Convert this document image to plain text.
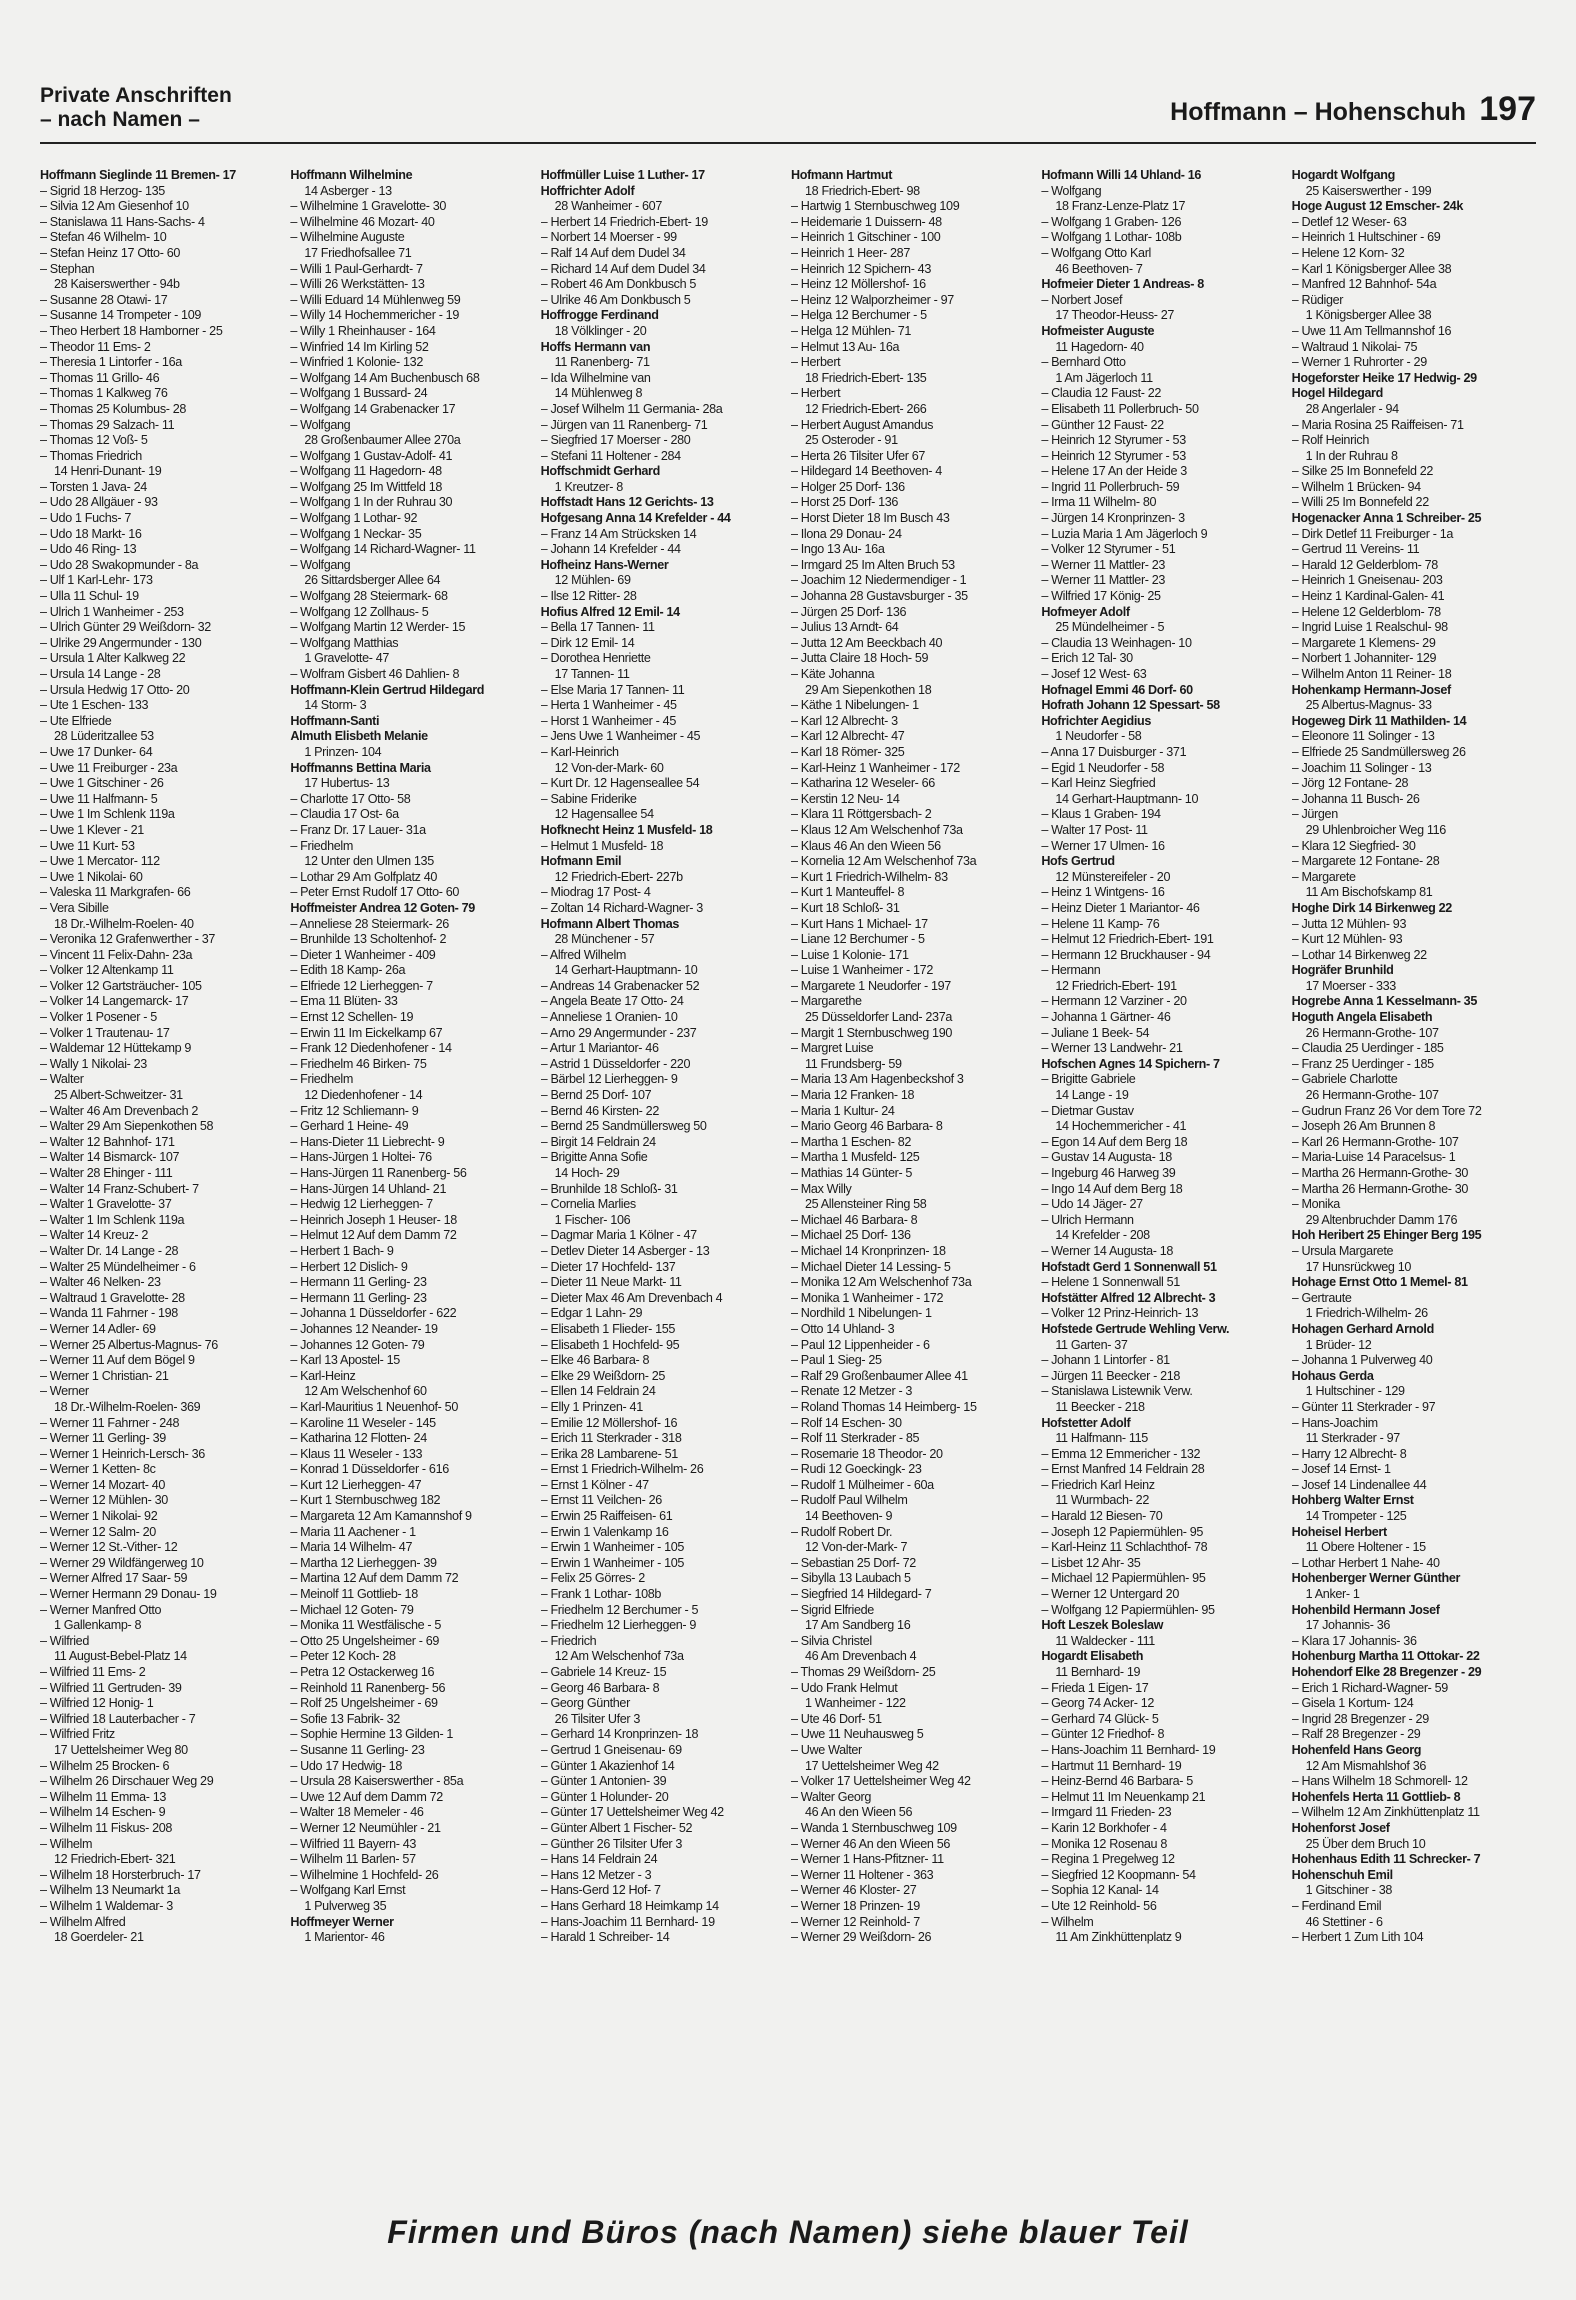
Private Anschriften
– nach Namen –	Hoffmann – Hohenschuh 197
Hoffmann Sieglinde 11 Bremen- 17
– Sigrid 18 Herzog- 135
– Silvia 12 Am Giesenhof 10
– Stanislawa 11 Hans-Sachs- 4
– Stefan 46 Wilhelm- 10
– Stefan Heinz 17 Otto- 60
– Stephan
28 Kaiserswerther - 94b
– Susanne 28 Otawi- 17
– Susanne 14 Trompeter - 109
– Theo Herbert 18 Hamborner - 25
– Theodor 11 Ems- 2
– Theresia 1 Lintorfer - 16a
– Thomas 11 Grillo- 46
– Thomas 1 Kalkweg 76
– Thomas 25 Kolumbus- 28
– Thomas 29 Salzach- 11
– Thomas 12 Voß- 5
– Thomas Friedrich
14 Henri-Dunant- 19
– Torsten 1 Java- 24
– Udo 28 Allgäuer - 93
– Udo 1 Fuchs- 7
– Udo 18 Markt- 16
– Udo 46 Ring- 13
– Udo 28 Swakopmunder - 8a
– Ulf 1 Karl-Lehr- 173
– Ulla 11 Schul- 19
– Ulrich 1 Wanheimer - 253
– Ulrich Günter 29 Weißdorn- 32
– Ulrike 29 Angermunder - 130
– Ursula 1 Alter Kalkweg 22
– Ursula 14 Lange - 28
– Ursula Hedwig 17 Otto- 20
– Ute 1 Eschen- 133
– Ute Elfriede
28 Lüderitzallee 53
– Uwe 17 Dunker- 64
– Uwe 11 Freiburger - 23a
– Uwe 1 Gitschiner - 26
– Uwe 11 Halfmann- 5
– Uwe 1 Im Schlenk 119a
– Uwe 1 Klever - 21
– Uwe 11 Kurt- 53
– Uwe 1 Mercator- 112
– Uwe 1 Nikolai- 60
– Valeska 11 Markgrafen- 66
– Vera Sibille
18 Dr.-Wilhelm-Roelen- 40
– Veronika 12 Grafenwerther - 37
– Vincent 11 Felix-Dahn- 23a
– Volker 12 Altenkamp 11
– Volker 12 Gartsträucher- 105
– Volker 14 Langemarck- 17
– Volker 1 Posener - 5
– Volker 1 Trautenau- 17
– Waldemar 12 Hüttekamp 9
– Wally 1 Nikolai- 23
– Walter
25 Albert-Schweitzer- 31
– Walter 46 Am Drevenbach 2
– Walter 29 Am Siepenkothen 58
– Walter 12 Bahnhof- 171
– Walter 14 Bismarck- 107
– Walter 28 Ehinger - 111
– Walter 14 Franz-Schubert- 7
– Walter 1 Gravelotte- 37
– Walter 1 Im Schlenk 119a
– Walter 14 Kreuz- 2
– Walter Dr. 14 Lange - 28
– Walter 25 Mündelheimer - 6
– Walter 46 Nelken- 23
– Waltraud 1 Gravelotte- 28
– Wanda 11 Fahrner - 198
– Werner 14 Adler- 69
– Werner 25 Albertus-Magnus- 76
– Werner 11 Auf dem Bögel 9
– Werner 1 Christian- 21
– Werner
18 Dr.-Wilhelm-Roelen- 369
– Werner 11 Fahrner - 248
– Werner 11 Gerling- 39
– Werner 1 Heinrich-Lersch- 36
– Werner 1 Ketten- 8c
– Werner 14 Mozart- 40
– Werner 12 Mühlen- 30
– Werner 1 Nikolai- 92
– Werner 12 Salm- 20
– Werner 12 St.-Vither- 12
– Werner 29 Wildfängerweg 10
– Werner Alfred 17 Saar- 59
– Werner Hermann 29 Donau- 19
– Werner Manfred Otto
1 Gallenkamp- 8
– Wilfried
11 August-Bebel-Platz 14
– Wilfried 11 Ems- 2
– Wilfried 11 Gertruden- 39
– Wilfried 12 Honig- 1
– Wilfried 18 Lauterbacher - 7
– Wilfried Fritz
17 Uettelsheimer Weg 80
– Wilhelm 25 Brocken- 6
– Wilhelm 26 Dirschauer Weg 29
– Wilhelm 11 Emma- 13
– Wilhelm 14 Eschen- 9
– Wilhelm 11 Fiskus- 208
– Wilhelm
12 Friedrich-Ebert- 321
– Wilhelm 18 Horsterbruch- 17
– Wilhelm 13 Neumarkt 1a
– Wilhelm 1 Waldemar- 3
– Wilhelm Alfred
18 Goerdeler- 21
Hoffmann Wilhelmine
14 Asberger - 13
– Wilhelmine 1 Gravelotte- 30
– Wilhelmine 46 Mozart- 40
– Wilhelmine Auguste
17 Friedhofsallee 71
– Willi 1 Paul-Gerhardt- 7
– Willi 26 Werkstätten- 13
– Willi Eduard 14 Mühlenweg 59
– Willy 14 Hochemmericher - 19
– Willy 1 Rheinhauser - 164
– Winfried 14 Im Kirling 52
– Winfried 1 Kolonie- 132
– Wolfgang 14 Am Buchenbusch 68
– Wolfgang 1 Bussard- 24
– Wolfgang 14 Grabenacker 17
– Wolfgang
28 Großenbaumer Allee 270a
– Wolfgang 1 Gustav-Adolf- 41
– Wolfgang 11 Hagedorn- 48
– Wolfgang 25 Im Wittfeld 18
– Wolfgang 1 In der Ruhrau 30
– Wolfgang 1 Lothar- 92
– Wolfgang 1 Neckar- 35
– Wolfgang 14 Richard-Wagner- 11
– Wolfgang
26 Sittardsberger Allee 64
– Wolfgang 28 Steiermark- 68
– Wolfgang 12 Zollhaus- 5
– Wolfgang Martin 12 Werder- 15
– Wolfgang Matthias
1 Gravelotte- 47
– Wolfram Gisbert 46 Dahlien- 8
Hoffmann-Klein Gertrud Hildegard
14 Storm- 3
Hoffmann-Santi
Almuth Elisbeth Melanie
1 Prinzen- 104
Hoffmanns Bettina Maria
17 Hubertus- 13
– Charlotte 17 Otto- 58
– Claudia 17 Ost- 6a
– Franz Dr. 17 Lauer- 31a
– Friedhelm
12 Unter den Ulmen 135
– Lothar 29 Am Golfplatz 40
– Peter Ernst Rudolf 17 Otto- 60
Hoffmeister Andrea 12 Goten- 79
– Anneliese 28 Steiermark- 26
– Brunhilde 13 Scholtenhof- 2
– Dieter 1 Wanheimer - 409
– Edith 18 Kamp- 26a
– Elfriede 12 Lierheggen- 7
– Ema 11 Blüten- 33
– Ernst 12 Schellen- 19
– Erwin 11 Im Eickelkamp 67
– Frank 12 Diedenhofener - 14
– Friedhelm 46 Birken- 75
– Friedhelm
12 Diedenhofener - 14
– Fritz 12 Schliemann- 9
– Gerhard 1 Heine- 49
– Hans-Dieter 11 Liebrecht- 9
– Hans-Jürgen 1 Holtei- 76
– Hans-Jürgen 11 Ranenberg- 56
– Hans-Jürgen 14 Uhland- 21
– Hedwig 12 Lierheggen- 7
– Heinrich Joseph 1 Heuser- 18
– Helmut 12 Auf dem Damm 72
– Herbert 1 Bach- 9
– Herbert 12 Dislich- 9
– Hermann 11 Gerling- 23
– Hermann 11 Gerling- 23
– Johanna 1 Düsseldorfer - 622
– Johannes 12 Neander- 19
– Johannes 12 Goten- 79
– Karl 13 Apostel- 15
– Karl-Heinz
12 Am Welschenhof 60
– Karl-Mauritius 1 Neuenhof- 50
– Karoline 11 Weseler - 145
– Katharina 12 Flotten- 24
– Klaus 11 Weseler - 133
– Konrad 1 Düsseldorfer - 616
– Kurt 12 Lierheggen- 47
– Kurt 1 Sternbuschweg 182
– Margareta 12 Am Kamannshof 9
– Maria 11 Aachener - 1
– Maria 14 Wilhelm- 47
– Martha 12 Lierheggen- 39
– Martina 12 Auf dem Damm 72
– Meinolf 11 Gottlieb- 18
– Michael 12 Goten- 79
– Monika 11 Westfälische - 5
– Otto 25 Ungelsheimer - 69
– Peter 12 Koch- 28
– Petra 12 Ostackerweg 16
– Reinhold 11 Ranenberg- 56
– Rolf 25 Ungelsheimer - 69
– Sofie 13 Fabrik- 32
– Sophie Hermine 13 Gilden- 1
– Susanne 11 Gerling- 23
– Udo 17 Hedwig- 18
– Ursula 28 Kaiserswerther - 85a
– Uwe 12 Auf dem Damm 72
– Walter 18 Memeler - 46
– Werner 12 Neumühler - 21
– Wilfried 11 Bayern- 43
– Wilhelm 11 Barlen- 57
– Wilhelmine 1 Hochfeld- 26
– Wolfgang Karl Ernst
1 Pulverweg 35
Hoffmeyer Werner
1 Marientor- 46
Hoffmüller Luise 1 Luther- 17
Hoffrichter Adolf
28 Wanheimer - 607
– Herbert 14 Friedrich-Ebert- 19
– Norbert 14 Moerser - 99
– Ralf 14 Auf dem Dudel 34
– Richard 14 Auf dem Dudel 34
– Robert 46 Am Donkbusch 5
– Ulrike 46 Am Donkbusch 5
Hoffrogge Ferdinand
18 Völklinger - 20
Hoffs Hermann van
11 Ranenberg- 71
– Ida Wilhelmine van
14 Mühlenweg 8
– Josef Wilhelm 11 Germania- 28a
– Jürgen van 11 Ranenberg- 71
– Siegfried 17 Moerser - 280
– Stefani 11 Holtener - 284
Hoffschmidt Gerhard
1 Kreutzer- 8
Hoffstadt Hans 12 Gerichts- 13
Hofgesang Anna 14 Krefelder - 44
– Franz 14 Am Strücksken 14
– Johann 14 Krefelder - 44
Hofheinz Hans-Werner
12 Mühlen- 69
– Ilse 12 Ritter- 28
Hofius Alfred 12 Emil- 14
– Bella 17 Tannen- 11
– Dirk 12 Emil- 14
– Dorothea Henriette
17 Tannen- 11
– Else Maria 17 Tannen- 11
– Herta 1 Wanheimer - 45
– Horst 1 Wanheimer - 45
– Jens Uwe 1 Wanheimer - 45
– Karl-Heinrich
12 Von-der-Mark- 60
– Kurt Dr. 12 Hagenseallee 54
– Sabine Friderike
12 Hagensallee 54
Hofknecht Heinz 1 Musfeld- 18
– Helmut 1 Musfeld- 18
Hofmann Emil
12 Friedrich-Ebert- 227b
– Miodrag 17 Post- 4
– Zoltan 14 Richard-Wagner- 3
Hofmann Albert Thomas
28 Münchener - 57
– Alfred Wilhelm
14 Gerhart-Hauptmann- 10
– Andreas 14 Grabenacker 52
– Angela Beate 17 Otto- 24
– Anneliese 1 Oranien- 10
– Arno 29 Angermunder - 237
– Artur 1 Mariantor- 46
– Astrid 1 Düsseldorfer - 220
– Bärbel 12 Lierheggen- 9
– Bernd 25 Dorf- 107
– Bernd 46 Kirsten- 22
– Bernd 25 Sandmüllersweg 50
– Birgit 14 Feldrain 24
– Brigitte Anna Sofie
14 Hoch- 29
– Brunhilde 18 Schloß- 31
– Cornelia Marlies
1 Fischer- 106
– Dagmar Maria 1 Kölner - 47
– Detlev Dieter 14 Asberger - 13
– Dieter 17 Hochfeld- 137
– Dieter 11 Neue Markt- 11
– Dieter Max 46 Am Drevenbach 4
– Edgar 1 Lahn- 29
– Elisabeth 1 Flieder- 155
– Elisabeth 1 Hochfeld- 95
– Elke 46 Barbara- 8
– Elke 29 Weißdorn- 25
– Ellen 14 Feldrain 24
– Elly 1 Prinzen- 41
– Emilie 12 Möllershof- 16
– Erich 11 Sterkrader - 318
– Erika 28 Lambarene- 51
– Ernst 1 Friedrich-Wilhelm- 26
– Ernst 1 Kölner - 47
– Ernst 11 Veilchen- 26
– Erwin 25 Raiffeisen- 61
– Erwin 1 Valenkamp 16
– Erwin 1 Wanheimer - 105
– Erwin 1 Wanheimer - 105
– Felix 25 Görres- 2
– Frank 1 Lothar- 108b
– Friedhelm 12 Berchumer - 5
– Friedhelm 12 Lierheggen- 9
– Friedrich
12 Am Welschenhof 73a
– Gabriele 14 Kreuz- 15
– Georg 46 Barbara- 8
– Georg Günther
26 Tilsiter Ufer 3
– Gerhard 14 Kronprinzen- 18
– Gertrud 1 Gneisenau- 69
– Günter 1 Akazienhof 14
– Günter 1 Antonien- 39
– Günter 1 Holunder- 20
– Günter 17 Uettelsheimer Weg 42
– Günter Albert 1 Fischer- 52
– Günther 26 Tilsiter Ufer 3
– Hans 14 Feldrain 24
– Hans 12 Metzer - 3
– Hans-Gerd 12 Hof- 7
– Hans Gerhard 18 Heimkamp 14
– Hans-Joachim 11 Bernhard- 19
– Harald 1 Schreiber- 14
Hofmann Hartmut
18 Friedrich-Ebert- 98
– Hartwig 1 Sternbuschweg 109
– Heidemarie 1 Duissern- 48
– Heinrich 1 Gitschiner - 100
– Heinrich 1 Heer- 287
– Heinrich 12 Spichern- 43
– Heinz 12 Möllershof- 16
– Heinz 12 Walporzheimer - 97
– Helga 12 Berchumer - 5
– Helga 12 Mühlen- 71
– Helmut 13 Au- 16a
– Herbert
18 Friedrich-Ebert- 135
– Herbert
12 Friedrich-Ebert- 266
– Herbert August Amandus
25 Osteroder - 91
– Herta 26 Tilsiter Ufer 67
– Hildegard 14 Beethoven- 4
– Holger 25 Dorf- 136
– Horst 25 Dorf- 136
– Horst Dieter 18 Im Busch 43
– Ilona 29 Donau- 24
– Ingo 13 Au- 16a
– Irmgard 25 Im Alten Bruch 53
– Joachim 12 Niedermendiger - 1
– Johanna 28 Gustavsburger - 35
– Jürgen 25 Dorf- 136
– Julius 13 Arndt- 64
– Jutta 12 Am Beeckbach 40
– Jutta Claire 18 Hoch- 59
– Käte Johanna
29 Am Siepenkothen 18
– Käthe 1 Nibelungen- 1
– Karl 12 Albrecht- 3
– Karl 12 Albrecht- 47
– Karl 18 Römer- 325
– Karl-Heinz 1 Wanheimer - 172
– Katharina 12 Weseler- 66
– Kerstin 12 Neu- 14
– Klara 11 Röttgersbach- 2
– Klaus 12 Am Welschenhof 73a
– Klaus 46 An den Wieen 56
– Kornelia 12 Am Welschenhof 73a
– Kurt 1 Friedrich-Wilhelm- 83
– Kurt 1 Manteuffel- 8
– Kurt 18 Schloß- 31
– Kurt Hans 1 Michael- 17
– Liane 12 Berchumer - 5
– Luise 1 Kolonie- 171
– Luise 1 Wanheimer - 172
– Margarete 1 Neudorfer - 197
– Margarethe
25 Düsseldorfer Land- 237a
– Margit 1 Sternbuschweg 190
– Margret Luise
11 Frundsberg- 59
– Maria 13 Am Hagenbeckshof 3
– Maria 12 Franken- 18
– Maria 1 Kultur- 24
– Mario Georg 46 Barbara- 8
– Martha 1 Eschen- 82
– Martha 1 Musfeld- 125
– Mathias 14 Günter- 5
– Max Willy
25 Allensteiner Ring 58
– Michael 46 Barbara- 8
– Michael 25 Dorf- 136
– Michael 14 Kronprinzen- 18
– Michael Dieter 14 Lessing- 5
– Monika 12 Am Welschenhof 73a
– Monika 1 Wanheimer - 172
– Nordhild 1 Nibelungen- 1
– Otto 14 Uhland- 3
– Paul 12 Lippenheider - 6
– Paul 1 Sieg- 25
– Ralf 29 Großenbaumer Allee 41
– Renate 12 Metzer - 3
– Roland Thomas 14 Heimberg- 15
– Rolf 14 Eschen- 30
– Rolf 11 Sterkrader - 85
– Rosemarie 18 Theodor- 20
– Rudi 12 Goeckingk- 23
– Rudolf 1 Mülheimer - 60a
– Rudolf Paul Wilhelm
14 Beethoven- 9
– Rudolf Robert Dr.
12 Von-der-Mark- 7
– Sebastian 25 Dorf- 72
– Sibylla 13 Laubach 5
– Siegfried 14 Hildegard- 7
– Sigrid Elfriede
17 Am Sandberg 16
– Silvia Christel
46 Am Drevenbach 4
– Thomas 29 Weißdorn- 25
– Udo Frank Helmut
1 Wanheimer - 122
– Ute 46 Dorf- 51
– Uwe 11 Neuhausweg 5
– Uwe Walter
17 Uettelsheimer Weg 42
– Volker 17 Uettelsheimer Weg 42
– Walter Georg
46 An den Wieen 56
– Wanda 1 Sternbuschweg 109
– Werner 46 An den Wieen 56
– Werner 1 Hans-Pfitzner- 11
– Werner 11 Holtener - 363
– Werner 46 Kloster- 27
– Werner 18 Prinzen- 19
– Werner 12 Reinhold- 7
– Werner 29 Weißdorn- 26
Hofmann Willi 14 Uhland- 16
– Wolfgang
18 Franz-Lenze-Platz 17
– Wolfgang 1 Graben- 126
– Wolfgang 1 Lothar- 108b
– Wolfgang Otto Karl
46 Beethoven- 7
Hofmeier Dieter 1 Andreas- 8
– Norbert Josef
17 Theodor-Heuss- 27
Hofmeister Auguste
11 Hagedorn- 40
– Bernhard Otto
1 Am Jägerloch 11
– Claudia 12 Faust- 22
– Elisabeth 11 Pollerbruch- 50
– Günther 12 Faust- 22
– Heinrich 12 Styrumer - 53
– Heinrich 12 Styrumer - 53
– Helene 17 An der Heide 3
– Ingrid 11 Pollerbruch- 59
– Irma 11 Wilhelm- 80
– Jürgen 14 Kronprinzen- 3
– Luzia Maria 1 Am Jägerloch 9
– Volker 12 Styrumer - 51
– Werner 11 Mattler- 23
– Werner 11 Mattler- 23
– Wilfried 17 König- 25
Hofmeyer Adolf
25 Mündelheimer - 5
– Claudia 13 Weinhagen- 10
– Erich 12 Tal- 30
– Josef 12 West- 63
Hofnagel Emmi 46 Dorf- 60
Hofrath Johann 12 Spessart- 58
Hofrichter Aegidius
1 Neudorfer - 58
– Anna 17 Duisburger - 371
– Egid 1 Neudorfer - 58
– Karl Heinz Siegfried
14 Gerhart-Hauptmann- 10
– Klaus 1 Graben- 194
– Walter 17 Post- 11
– Werner 17 Ulmen- 16
Hofs Gertrud
12 Münstereifeler - 20
– Heinz 1 Wintgens- 16
– Heinz Dieter 1 Mariantor- 46
– Helene 11 Kamp- 76
– Helmut 12 Friedrich-Ebert- 191
– Hermann 12 Bruckhauser - 94
– Hermann
12 Friedrich-Ebert- 191
– Hermann 12 Varziner - 20
– Johanna 1 Gärtner- 46
– Juliane 1 Beek- 54
– Werner 13 Landwehr- 21
Hofschen Agnes 14 Spichern- 7
– Brigitte Gabriele
14 Lange - 19
– Dietmar Gustav
14 Hochemmericher - 41
– Egon 14 Auf dem Berg 18
– Gustav 14 Augusta- 18
– Ingeburg 46 Harweg 39
– Ingo 14 Auf dem Berg 18
– Udo 14 Jäger- 27
– Ulrich Hermann
14 Krefelder - 208
– Werner 14 Augusta- 18
Hofstadt Gerd 1 Sonnenwall 51
– Helene 1 Sonnenwall 51
Hofstätter Alfred 12 Albrecht- 3
– Volker 12 Prinz-Heinrich- 13
Hofstede Gertrude Wehling Verw.
11 Garten- 37
– Johann 1 Lintorfer - 81
– Jürgen 11 Beecker - 218
– Stanislawa Listewnik Verw.
11 Beecker - 218
Hofstetter Adolf
11 Halfmann- 115
– Emma 12 Emmericher - 132
– Ernst Manfred 14 Feldrain 28
– Friedrich Karl Heinz
11 Wurmbach- 22
– Harald 12 Biesen- 70
– Joseph 12 Papiermühlen- 95
– Karl-Heinz 11 Schlachthof- 78
– Lisbet 12 Ahr- 35
– Michael 12 Papiermühlen- 95
– Werner 12 Untergard 20
– Wolfgang 12 Papiermühlen- 95
Hoft Leszek Boleslaw
11 Waldecker - 111
Hogardt Elisabeth
11 Bernhard- 19
– Frieda 1 Eigen- 17
– Georg 74 Acker- 12
– Gerhard 74 Glück- 5
– Günter 12 Friedhof- 8
– Hans-Joachim 11 Bernhard- 19
– Hartmut 11 Bernhard- 19
– Heinz-Bernd 46 Barbara- 5
– Helmut 11 Im Neuenkamp 21
– Irmgard 11 Frieden- 23
– Karin 12 Borkhofer - 4
– Monika 12 Rosenau 8
– Regina 1 Pregelweg 12
– Siegfried 12 Koopmann- 54
– Sophia 12 Kanal- 14
– Ute 12 Reinhold- 56
– Wilhelm
11 Am Zinkhüttenplatz 9
Hogardt Wolfgang
25 Kaiserswerther - 199
Hoge August 12 Emscher- 24k
– Detlef 12 Weser- 63
– Heinrich 1 Hultschiner - 69
– Helene 12 Korn- 32
– Karl 1 Königsberger Allee 38
– Manfred 12 Bahnhof- 54a
– Rüdiger
1 Königsberger Allee 38
– Uwe 11 Am Tellmannshof 16
– Waltraud 1 Nikolai- 75
– Werner 1 Ruhrorter - 29
Hogeforster Heike 17 Hedwig- 29
Hogel Hildegard
28 Angerlaler - 94
– Maria Rosina 25 Raiffeisen- 71
– Rolf Heinrich
1 In der Ruhrau 8
– Silke 25 Im Bonnefeld 22
– Wilhelm 1 Brücken- 94
– Willi 25 Im Bonnefeld 22
Hogenacker Anna 1 Schreiber- 25
– Dirk Detlef 11 Freiburger - 1a
– Gertrud 11 Vereins- 11
– Harald 12 Gelderblom- 78
– Heinrich 1 Gneisenau- 203
– Heinz 1 Kardinal-Galen- 41
– Helene 12 Gelderblom- 78
– Ingrid Luise 1 Realschul- 98
– Margarete 1 Klemens- 29
– Norbert 1 Johanniter- 129
– Wilhelm Anton 11 Reiner- 18
Hohenkamp Hermann-Josef
25 Albertus-Magnus- 33
Hogeweg Dirk 11 Mathilden- 14
– Eleonore 11 Solinger - 13
– Elfriede 25 Sandmüllersweg 26
– Joachim 11 Solinger - 13
– Jörg 12 Fontane- 28
– Johanna 11 Busch- 26
– Jürgen
29 Uhlenbroicher Weg 116
– Klara 12 Siegfried- 30
– Margarete 12 Fontane- 28
– Margarete
11 Am Bischofskamp 81
Hoghe Dirk 14 Birkenweg 22
– Jutta 12 Mühlen- 93
– Kurt 12 Mühlen- 93
– Lothar 14 Birkenweg 22
Hogräfer Brunhild
17 Moerser - 333
Hogrebe Anna 1 Kesselmann- 35
Hoguth Angela Elisabeth
26 Hermann-Grothe- 107
– Claudia 25 Uerdinger - 185
– Franz 25 Uerdinger - 185
– Gabriele Charlotte
26 Hermann-Grothe- 107
– Gudrun Franz 26 Vor dem Tore 72
– Joseph 26 Am Brunnen 8
– Karl 26 Hermann-Grothe- 107
– Maria-Luise 14 Paracelsus- 1
– Martha 26 Hermann-Grothe- 30
– Martha 26 Hermann-Grothe- 30
– Monika
29 Altenbruchder Damm 176
Hoh Heribert 25 Ehinger Berg 195
– Ursula Margarete
17 Hunsrückweg 10
Hohage Ernst Otto 1 Memel- 81
– Gertraute
1 Friedrich-Wilhelm- 26
Hohagen Gerhard Arnold
1 Brüder- 12
– Johanna 1 Pulverweg 40
Hohaus Gerda
1 Hultschiner - 129
– Günter 11 Sterkrader - 97
– Hans-Joachim
11 Sterkrader - 97
– Harry 12 Albrecht- 8
– Josef 14 Ernst- 1
– Josef 14 Lindenallee 44
Hohberg Walter Ernst
14 Trompeter - 125
Hoheisel Herbert
11 Obere Holtener - 15
– Lothar Herbert 1 Nahe- 40
Hohenberger Werner Günther
1 Anker- 1
Hohenbild Hermann Josef
17 Johannis- 36
– Klara 17 Johannis- 36
Hohenburg Martha 11 Ottokar- 22
Hohendorf Elke 28 Bregenzer - 29
– Erich 1 Richard-Wagner- 59
– Gisela 1 Kortum- 124
– Ingrid 28 Bregenzer - 29
– Ralf 28 Bregenzer - 29
Hohenfeld Hans Georg
12 Am Mismahlshof 36
– Hans Wilhelm 18 Schmorell- 12
Hohenfels Herta 11 Gottlieb- 8
– Wilhelm 12 Am Zinkhüttenplatz 11
Hohenforst Josef
25 Über dem Bruch 10
Hohenhaus Edith 11 Schrecker- 7
Hohenschuh Emil
1 Gitschiner - 38
– Ferdinand Emil
46 Stettiner - 6
– Herbert 1 Zum Lith 104
Firmen und Büros (nach Namen) siehe blauer Teil
